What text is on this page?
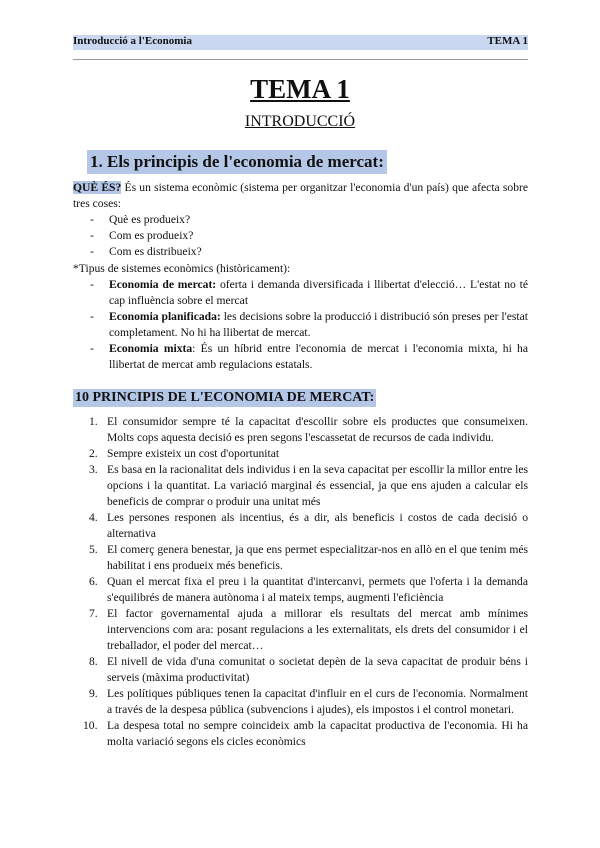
Introducció a l'Economia	TEMA 1
TEMA 1
INTRODUCCIÓ
1. Els principis de l'economia de mercat:
QUÈ ÉS? És un sistema econòmic (sistema per organitzar l'economia d'un país) que afecta sobre tres coses:
- Què es produeix?
- Com es produeix?
- Com es distribueix?
*Tipus de sistemes econòmics (històricament):
- Economia de mercat: oferta i demanda diversificada i llibertat d'elecció… L'estat no té cap influència sobre el mercat
- Economia planificada: les decisions sobre la producció i distribució són preses per l'estat completament. No hi ha llibertat de mercat.
- Economia mixta: És un híbrid entre l'economia de mercat i l'economia mixta, hi ha llibertat de mercat amb regulacions estatals.
10 PRINCIPIS DE L'ECONOMIA DE MERCAT:
1. El consumidor sempre té la capacitat d'escollir sobre els productes que consumeixen. Molts cops aquesta decisió es pren segons l'escassetat de recursos de cada individu.
2. Sempre existeix un cost d'oportunitat
3. Es basa en la racionalitat dels individus i en la seva capacitat per escollir la millor entre les opcions i la quantitat. La variació marginal és essencial, ja que ens ajuden a calcular els beneficis de comprar o produir una unitat més
4. Les persones responen als incentius, és a dir, als beneficis i costos de cada decisió o alternativa
5. El comerç genera benestar, ja que ens permet especialitzar-nos en allò en el que tenim més habilitat i ens produeix més beneficis.
6. Quan el mercat fixa el preu i la quantitat d'intercanvi, permets que l'oferta i la demanda s'equilibrés de manera autònoma i al mateix temps, augmenti l'eficiència
7. El factor governamental ajuda a millorar els resultats del mercat amb mínimes intervencions com ara: posant regulacions a les externalitats, els drets del consumidor i el treballador, el poder del mercat…
8. El nivell de vida d'una comunitat o societat depèn de la seva capacitat de produir béns i serveis (màxima productivitat)
9. Les polítiques públiques tenen la capacitat d'influir en el curs de l'economia. Normalment a través de la despesa pública (subvencions i ajudes), els impostos i el control monetari.
10. La despesa total no sempre coincideix amb la capacitat productiva de l'economia. Hi ha molta variació segons els cicles econòmics
